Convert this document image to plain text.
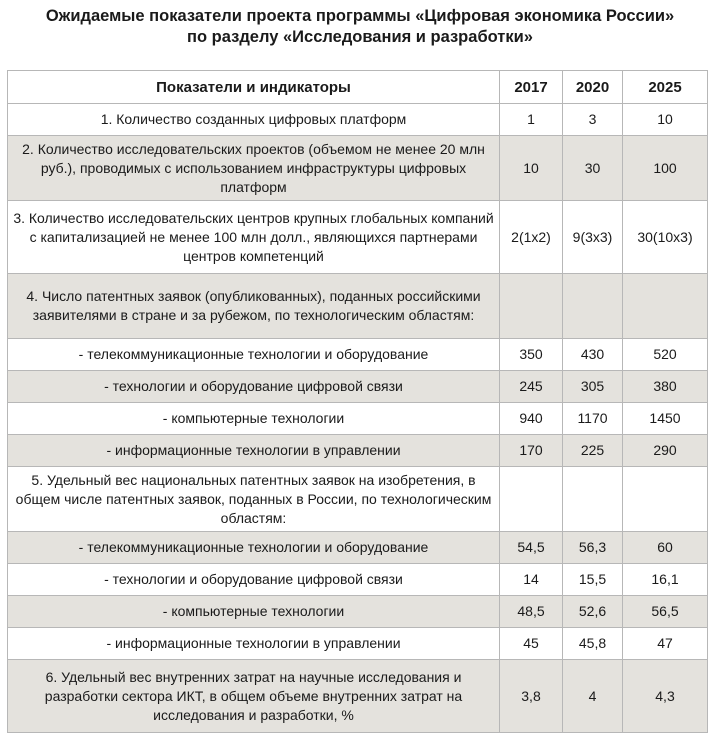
Ожидаемые показатели проекта программы «Цифровая экономика России»
по разделу «Исследования и разработки»
Показатели и индикаторы	2017	2020	2025
1. Количество созданных цифровых платформ	1	3	10
2. Количество исследовательских проектов (объемом не менее 20 млн руб.), проводимых с использованием инфраструктуры цифровых платформ	10	30	100
3. Количество исследовательских центров крупных глобальных компаний с капитализацией не менее 100 млн долл., являющихся партнерами центров компетенций	2(1x2)	9(3x3)	30(10x3)
4. Число патентных заявок (опубликованных), поданных российскими заявителями в стране и за рубежом, по технологическим областям:			
- телекоммуникационные технологии и оборудование	350	430	520
- технологии и оборудование цифровой связи	245	305	380
- компьютерные технологии	940	1170	1450
- информационные технологии в управлении	170	225	290
5. Удельный вес национальных патентных заявок на изобретения, в общем числе патентных заявок, поданных в России, по технологическим областям:			
- телекоммуникационные технологии и оборудование	54,5	56,3	60
- технологии и оборудование цифровой связи	14	15,5	16,1
- компьютерные технологии	48,5	52,6	56,5
- информационные технологии в управлении	45	45,8	47
6. Удельный вес внутренних затрат на научные исследования и разработки сектора ИКТ, в общем объеме внутренних затрат на исследования и разработки, %	3,8	4	4,3
